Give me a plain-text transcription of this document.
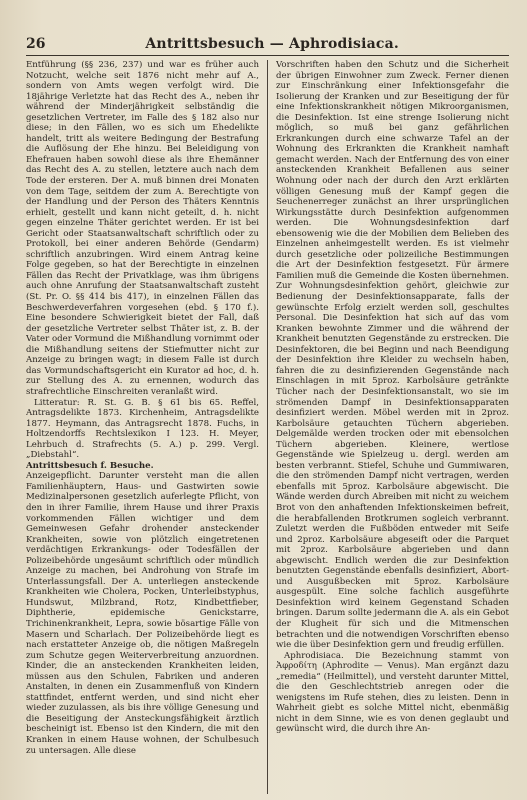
26	Antrittsbesuch — Aphrodisiaca.

Entführung (§§ 236, 237) und war es früher auch Notzucht, welche seit 1876 nicht mehr auf A., sondern von Amts wegen verfolgt wird. Die 18jährige Verletzte hat das Recht des A., neben ihr während der Minderjährigkeit selbständig die gesetzlichen Vertreter, im Falle des § 182 also nur diese; in den Fällen, wo es sich um Ehedelikte handelt, tritt als weitere Bedingung der Bestrafung die Auflösung der Ehe hinzu. Bei Beleidigung von Ehefrauen haben sowohl diese als ihre Ehemänner das Recht des A. zu stellen, letztere auch nach dem Tode der ersteren. Der A. muß binnen drei Monaten von dem Tage, seitdem der zum A. Berechtigte von der Handlung und der Person des Thäters Kenntnis erhielt, gestellt und kann nicht geteilt, d. h. nicht gegen einzelne Thäter gerichtet werden. Er ist bei Gericht oder Staatsanwaltschaft schriftlich oder zu Protokoll, bei einer anderen Behörde (Gendarm) schriftlich anzubringen. Wird einem Antrag keine Folge gegeben, so hat der Berechtigte in einzelnen Fällen das Recht der Privatklage, was ihm übrigens auch ohne Anrufung der Staatsanwaltschaft zusteht (St. Pr. O. §§ 414 bis 417), in einzelnen Fällen das Beschwerdeverfahren vorgesehen (ebd. § 170 f.). Eine besondere Schwierigkeit bietet der Fall, daß der gesetzliche Vertreter selbst Thäter ist, z. B. der Vater oder Vormund die Mißhandlung vornimmt oder die Mißhandlung seitens der Stiefmutter nicht zur Anzeige zu bringen wagt; in diesem Falle ist durch das Vormundschaftsgericht ein Kurator ad hoc, d. h. zur Stellung des A. zu ernennen, wodurch das strafrechtliche Einschreiten veranlaßt wird.

Litteratur: R. St. G. B. § 61 bis 65. Reffel, Antragsdelikte 1873. Kirchenheim, Antragsdelikte 1877. Heymann, das Antragsrecht 1878. Fuchs, in Holtzendorffs Rechtslexikon I 123. H. Meyer, Lehrbuch d. Strafrechts (5. A.) p. 299. Vergl. „Diebstahl“.

Antrittsbesuch f. Besuche.

Anzeigepflicht. Darunter versteht man die allen Familienhäuptern, Haus- und Gastwirten sowie Medizinalpersonen gesetzlich auferlegte Pflicht, von den in ihrer Familie, ihrem Hause und ihrer Praxis vorkommenden Fällen wichtiger und dem Gemeinwesen Gefahr drohender ansteckender Krankheiten, sowie von plötzlich eingetretenen verdächtigen Erkrankungs- oder Todesfällen der Polizeibehörde ungesäumt schriftlich oder mündlich Anzeige zu machen, bei Androhung von Strafe im Unterlassungsfall. Der A. unterliegen ansteckende Krankheiten wie Cholera, Pocken, Unterleibstyphus, Hundswut, Milzbrand, Rotz, Kindbettfieber, Diphtherie, epidemische Genickstarre, Trichinenkrankheit, Lepra, sowie bösartige Fälle von Masern und Scharlach. Der Polizeibehörde liegt es nach erstatteter Anzeige ob, die nötigen Maßregeln zum Schutze gegen Weiterverbreitung anzuordnen. Kinder, die an ansteckenden Krankheiten leiden, müssen aus den Schulen, Fabriken und anderen Anstalten, in denen ein Zusammenfluß von Kindern stattfindet, entfernt werden, und sind nicht eher wieder zuzulassen, als bis ihre völlige Genesung und die Beseitigung der Ansteckungsfähigkeit ärztlich bescheinigt ist. Ebenso ist den Kindern, die mit den Kranken in einem Hause wohnen, der Schulbesuch zu untersagen. Alle diese

Vorschriften haben den Schutz und die Sicherheit der übrigen Einwohner zum Zweck. Ferner dienen zur Einschränkung einer Infektionsgefahr die Isolierung der Kranken und zur Beseitigung der für eine Infektionskrankheit nötigen Mikroorganismen, die Desinfektion. Ist eine strenge Isolierung nicht möglich, so muß bei ganz gefährlichen Erkrankungen durch eine schwarze Tafel an der Wohnung des Erkrankten die Krankheit namhaft gemacht werden. Nach der Entfernung des von einer ansteckenden Krankheit Befallenen aus seiner Wohnung oder nach der durch den Arzt erklärten völligen Genesung muß der Kampf gegen die Seuchenerreger zunächst an ihrer ursprünglichen Wirkungsstätte durch Desinfektion aufgenommen werden. Die Wohnungsdesinfektion darf ebensowenig wie die der Mobilien dem Belieben des Einzelnen anheimgestellt werden. Es ist vielmehr durch gesetzliche oder polizeiliche Bestimmungen die Art der Desinfektion festgesetzt. Für ärmere Familien muß die Gemeinde die Kosten übernehmen. Zur Wohnungsdesinfektion gehört, gleichwie zur Bedienung der Desinfektionsapparate, falls der gewünschte Erfolg erzielt werden soll, geschultes Personal. Die Desinfektion hat sich auf das vom Kranken bewohnte Zimmer und die während der Krankheit benutzten Gegenstände zu erstrecken. Die Desinfektoren, die bei Beginn und nach Beendigung der Desinfektion ihre Kleider zu wechseln haben, fahren die zu desinfizierenden Gegenstände nach Einschlagen in mit 5proz. Karbolsäure getränkte Tücher nach der Desinfektionsanstalt, wo sie im strömenden Dampf in Desinfektionsapparaten desinfiziert werden. Möbel werden mit in 2proz. Karbolsäure getauchten Tüchern abgerieben. Delgemälde werden trocken oder mit ebensolchen Tüchern abgerieben. Kleinere, wertlose Gegenstände wie Spielzeug u. dergl. werden am besten verbrannt. Stiefel, Schuhe und Gummiwaren, die den strömenden Dampf nicht vertragen, werden ebenfalls mit 5proz. Karbolsäure abgewischt. Die Wände werden durch Abreiben mit nicht zu weichem Brot von den anhaftenden Infektionskeimen befreit, die herabfallenden Brotkrumen sogleich verbrannt. Zuletzt werden die Fußböden entweder mit Seife und 2proz. Karbolsäure abgeseift oder die Parquet mit 2proz. Karbolsäure abgerieben und dann abgewischt. Endlich werden die zur Desinfektion benutzten Gegenstände ebenfalls desinfiziert, Abort- und Ausgußbecken mit 5proz. Karbolsäure ausgespült. Eine solche fachlich ausgeführte Desinfektion wird keinem Gegenstand Schaden bringen. Darum sollte jedermann die A. als ein Gebot der Klugheit für sich und die Mitmenschen betrachten und die notwendigen Vorschriften ebenso wie die über Desinfektion gern und freudig erfüllen.

Aphrodisiaca. Die Bezeichnung stammt von Ἀφροδίτη (Aphrodite — Venus). Man ergänzt dazu „remedia“ (Heilmittel), und versteht darunter Mittel, die den Geschlechtstrieb anregen oder die wenigstens im Rufe stehen, dies zu leisten. Denn in Wahrheit giebt es solche Mittel nicht, ebenmäßig nicht in dem Sinne, wie es von denen geglaubt und gewünscht wird, die durch ihre An-
